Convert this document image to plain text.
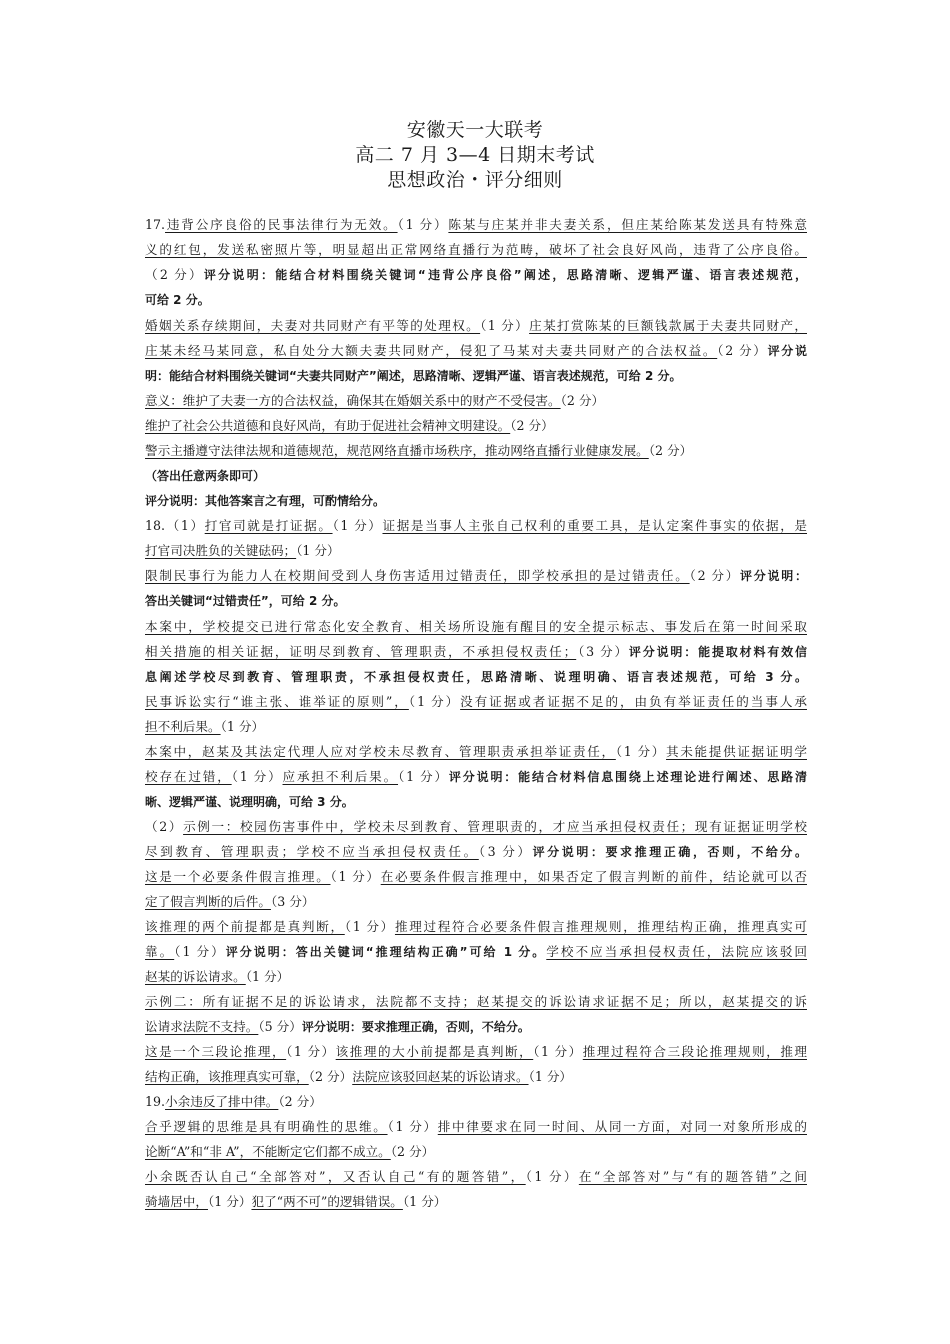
安徽天一大联考
高二 7 月 3—4 日期末考试
思想政治・评分细则
17.违背公序良俗的民事法律行为无效。（1 分）陈某与庄某并非夫妻关系，但庄某给陈某发送具有特殊意
义的红包，发送私密照片等，明显超出正常网络直播行为范畴，破坏了社会良好风尚，违背了公序良俗。
（2 分）评分说明：能结合材料围绕关键词“违背公序良俗”阐述，思路清晰、逻辑严谨、语言表述规范，
可给 2 分。
婚姻关系存续期间，夫妻对共同财产有平等的处理权。（1 分）庄某打赏陈某的巨额钱款属于夫妻共同财产，
庄某未经马某同意，私自处分大额夫妻共同财产，侵犯了马某对夫妻共同财产的合法权益。（2 分）评分说
明：能结合材料围绕关键词“夫妻共同财产”阐述，思路清晰、逻辑严谨、语言表述规范，可给 2 分。
意义：维护了夫妻一方的合法权益，确保其在婚姻关系中的财产不受侵害。（2 分）
维护了社会公共道德和良好风尚，有助于促进社会精神文明建设。（2 分）
警示主播遵守法律法规和道德规范，规范网络直播市场秩序，推动网络直播行业健康发展。（2 分）
（答出任意两条即可）
评分说明：其他答案言之有理，可酌情给分。
18.（1）打官司就是打证据。（1 分）证据是当事人主张自己权利的重要工具，是认定案件事实的依据，是
打官司决胜负的关键砝码；（1 分）
限制民事行为能力人在校期间受到人身伤害适用过错责任，即学校承担的是过错责任。（2 分）评分说明：
答出关键词“过错责任”，可给 2 分。
本案中，学校提交已进行常态化安全教育、相关场所设施有醒目的安全提示标志、事发后在第一时间采取
相关措施的相关证据，证明尽到教育、管理职责，不承担侵权责任；（3 分）评分说明：能提取材料有效信
息阐述学校尽到教育、管理职责，不承担侵权责任，思路清晰、说理明确、语言表述规范，可给 3 分。
民事诉讼实行“谁主张、谁举证的原则”，（1 分）没有证据或者证据不足的，由负有举证责任的当事人承
担不利后果。（1 分）
本案中，赵某及其法定代理人应对学校未尽教育、管理职责承担举证责任，（1 分）其未能提供证据证明学
校存在过错，（1 分）应承担不利后果。（1 分）评分说明：能结合材料信息围绕上述理论进行阐述、思路清
晰、逻辑严谨、说理明确，可给 3 分。
（2）示例一：校园伤害事件中，学校未尽到教育、管理职责的，才应当承担侵权责任；现有证据证明学校
尽到教育、管理职责；学校不应当承担侵权责任。（3 分）评分说明：要求推理正确，否则，不给分。
这是一个必要条件假言推理。（1 分）在必要条件假言推理中，如果否定了假言判断的前件，结论就可以否
定了假言判断的后件。（3 分）
该推理的两个前提都是真判断，（1 分）推理过程符合必要条件假言推理规则，推理结构正确，推理真实可
靠。（1 分）评分说明：答出关键词“推理结构正确”可给 1 分。学校不应当承担侵权责任，法院应该驳回
赵某的诉讼请求。（1 分）
示例二：所有证据不足的诉讼请求，法院都不支持；赵某提交的诉讼请求证据不足；所以，赵某提交的诉
讼请求法院不支持。（5 分）评分说明：要求推理正确，否则，不给分。
这是一个三段论推理，（1 分）该推理的大小前提都是真判断，（1 分）推理过程符合三段论推理规则，推理
结构正确，该推理真实可靠，（2 分）法院应该驳回赵某的诉讼请求。（1 分）
19.小余违反了排中律。（2 分）
合乎逻辑的思维是具有明确性的思维。（1 分）排中律要求在同一时间、从同一方面，对同一对象所形成的
论断“A”和“非 A”，不能断定它们都不成立。（2 分）
小余既否认自己“全部答对”，又否认自己“有的题答错”，（1 分）在“全部答对”与“有的题答错”之间
骑墙居中，（1 分）犯了“两不可”的逻辑错误。（1 分）
